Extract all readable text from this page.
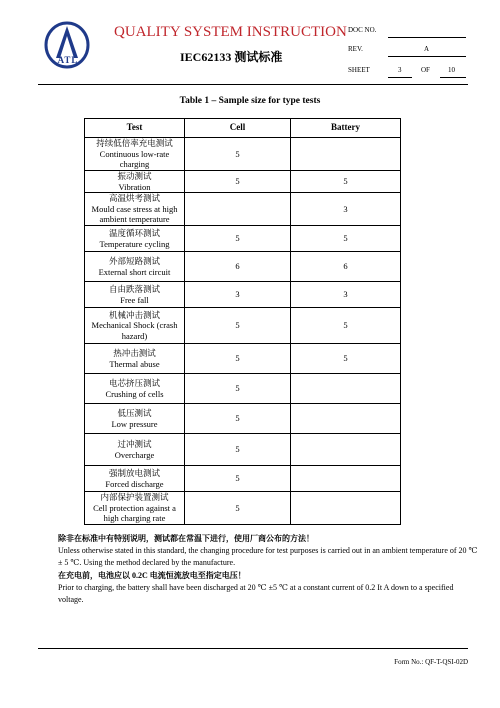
ATL
QUALITY SYSTEM INSTRUCTION
IEC62133 测试标准
DOC NO.
REV.	A
SHEET	3	OF	10
Table 1 – Sample size for type tests
Test	Cell	Battery

持续低倍率充电测试
Continuous low-rate charging	5	

振动测试
Vibration	5	5

高温烘考测试
Mould case stress at high ambient temperature		3

温度循环测试
Temperature cycling	5	5

外部短路测试
External short circuit	6	6

自由跌落测试
Free fall	3	3

机械冲击测试
Mechanical Shock (crash hazard)	5	5

热冲击测试
Thermal abuse	5	5

电芯挤压测试
Crushing of cells	5	

低压测试
Low pressure	5	

过冲测试
Overcharge	5	

强制放电测试
Forced discharge	5	

内部保护装置测试
Cell protection against a high charging rate	5	
除非在标准中有特别说明，测试都在常温下进行，使用厂商公布的方法！
Unless otherwise stated in this standard, the changing procedure for test purposes is carried out in an ambient temperature of 20 ℃ ± 5 ℃. Using the method declared by the manufacture.
在充电前，电池应以 0.2C 电流恒流放电至指定电压！
Prior to charging, the battery shall have been discharged at 20 ℃ ±5 ℃ at a constant current of 0.2 It A down to a specified voltage.
Form No.: QF-T-QSI-02D
